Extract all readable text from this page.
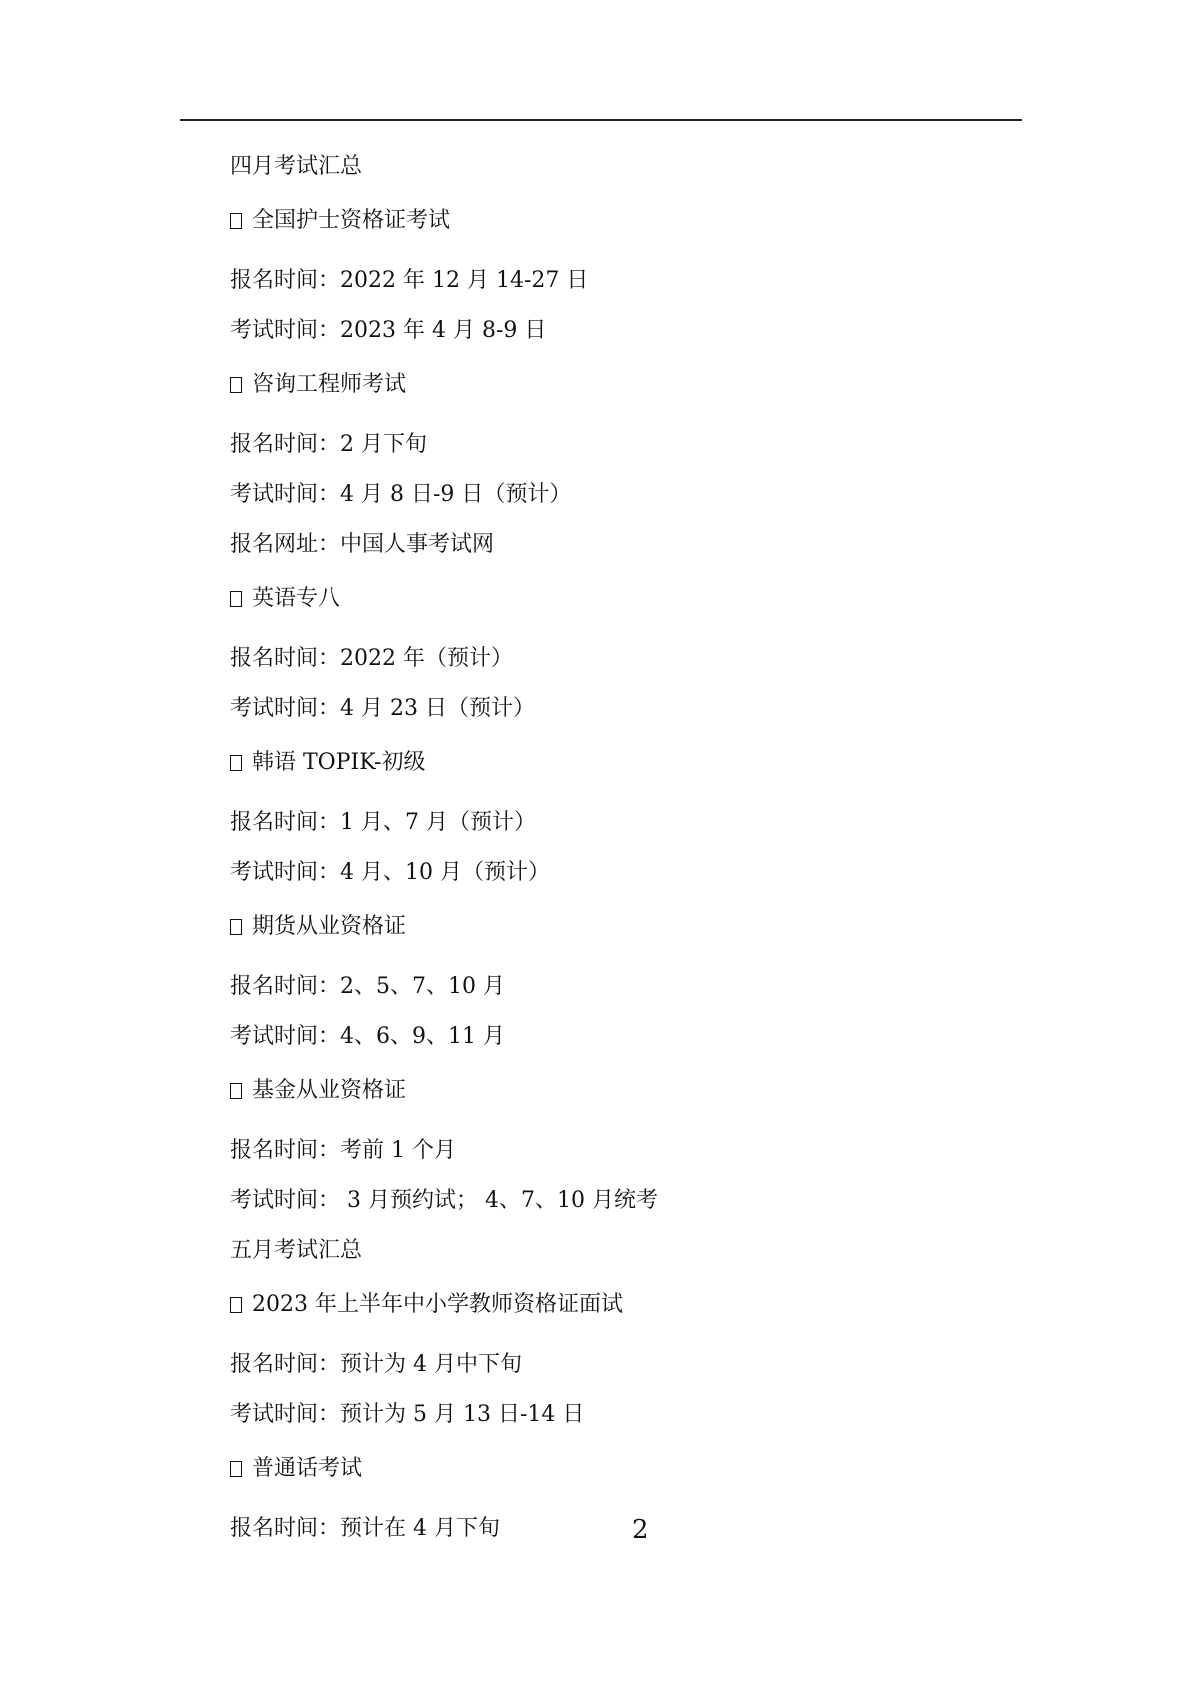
四月考试汇总
全国护士资格证考试
报名时间：2022 年 12 月 14-27 日
考试时间：2023 年 4 月 8-9 日
咨询工程师考试
报名时间：2 月下旬
考试时间：4 月 8 日-9 日（预计）
报名网址：中国人事考试网
英语专八
报名时间：2022 年（预计）
考试时间：4 月 23 日（预计）
韩语 TOPIK-初级
报名时间：1 月、7 月（预计）
考试时间：4 月、10 月（预计）
期货从业资格证
报名时间：2、5、7、10 月
考试时间：4、6、9、11 月
基金从业资格证
报名时间：考前 1 个月
考试时间： 3 月预约试； 4、7、10 月统考
五月考试汇总
2023 年上半年中小学教师资格证面试
报名时间：预计为 4 月中下旬
考试时间：预计为 5 月 13 日-14 日
普通话考试
报名时间：预计在 4 月下旬	2
